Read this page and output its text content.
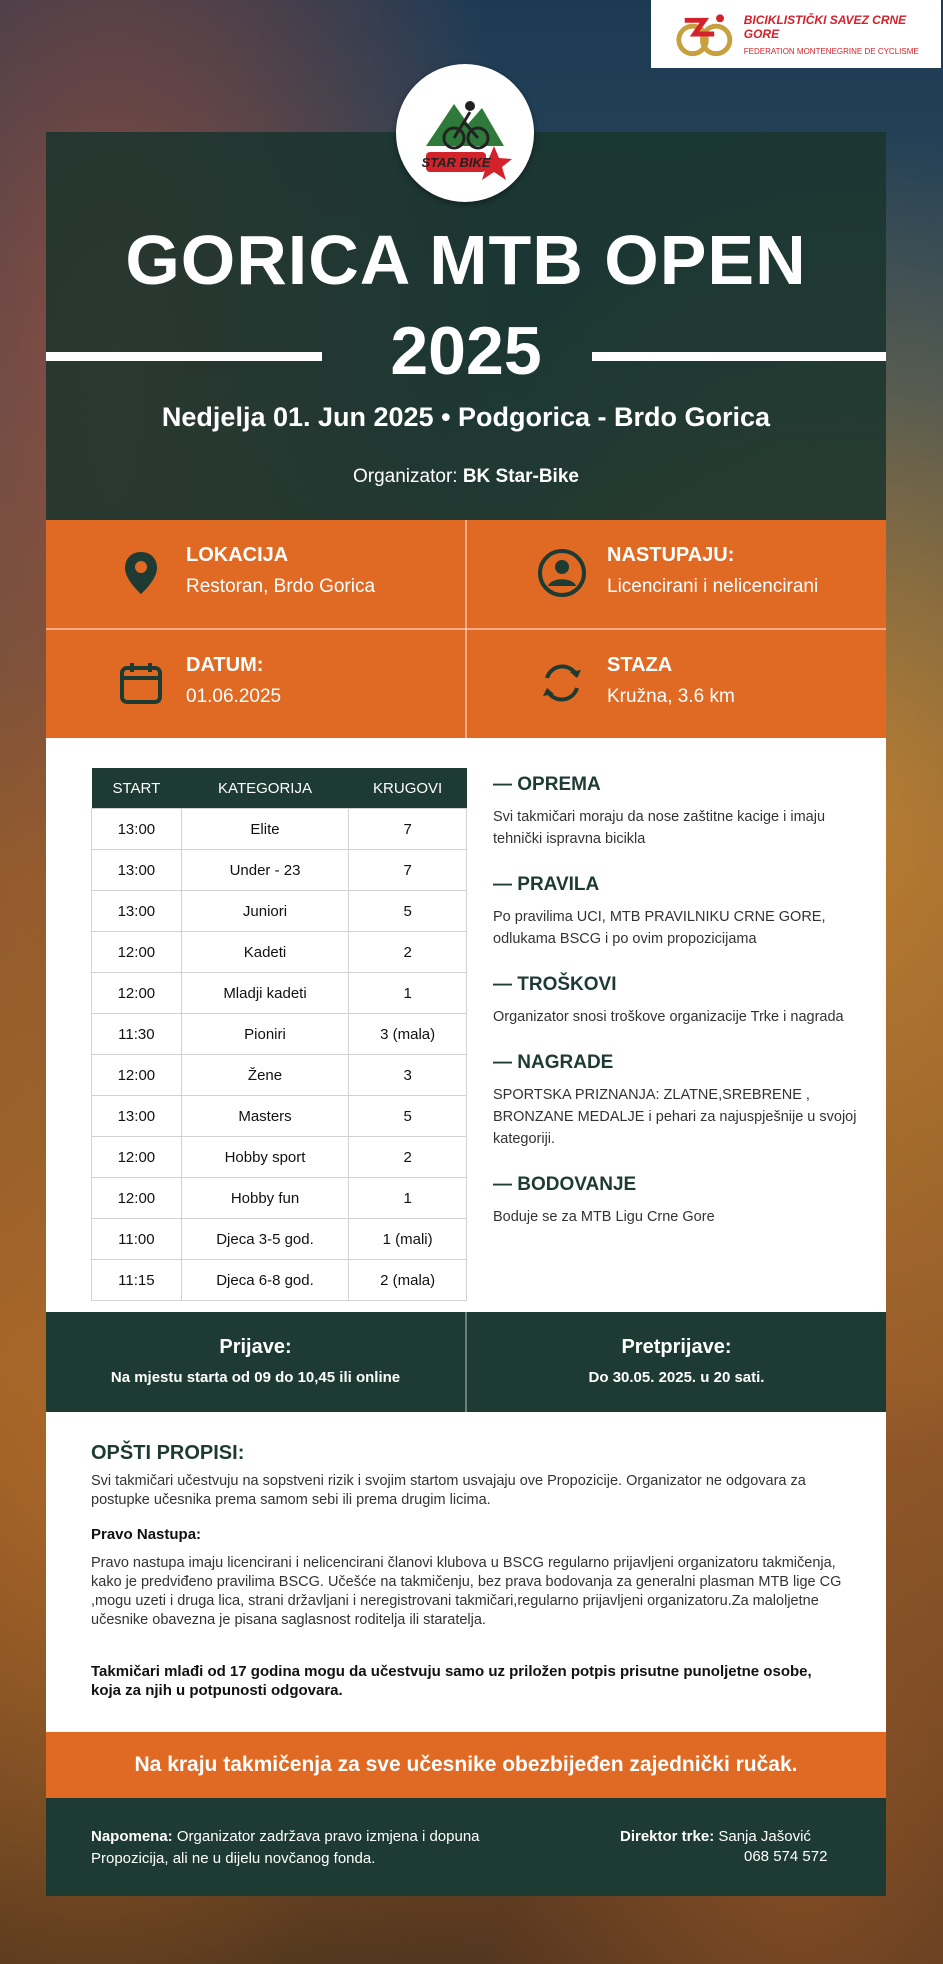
BICIKLISTIČKI SAVEZ CRNE GORE
FEDERATION MONTENEGRINE DE CYCLISME
GORICA MTB OPEN
2025
Nedjelja 01. Jun 2025 • Podgorica - Brdo Gorica
Organizator: BK Star-Bike
STAR BIKE
LOKACIJA
Restoran, Brdo Gorica
NASTUPAJU:
Licencirani i nelicencirani
DATUM:
01.06.2025
STAZA
Kružna, 3.6 km
START	KATEGORIJA	KRUGOVI
13:00	Elite	7
13:00	Under - 23	7
13:00	Juniori	5
12:00	Kadeti	2
12:00	Mladji kadeti	1
11:30	Pioniri	3 (mala)
12:00	Žene	3
13:00	Masters	5
12:00	Hobby sport	2
12:00	Hobby fun	1
11:00	Djeca 3-5 god.	1 (mali)
11:15	Djeca 6-8 god.	2 (mala)
— OPREMA

Svi takmičari moraju da nose zaštitne kacige i imaju tehnički ispravna bicikla

— PRAVILA

Po pravilima UCI, MTB PRAVILNIKU CRNE GORE, odlukama BSCG i po ovim propozicijama

— TROŠKOVI

Organizator snosi troškove organizacije Trke i nagrada

— NAGRADE

SPORTSKA PRIZNANJA: ZLATNE,SREBRENE , BRONZANE MEDALJE i pehari za najuspješnije u svojoj kategoriji.

— BODOVANJE

Boduje se za MTB Ligu Crne Gore

Prijave:
Na mjestu starta od 09 do 10,45 ili online
Pretprijave:
Do 30.05. 2025. u 20 sati.
OPŠTI PROPISI:
Svi takmičari učestvuju na sopstveni rizik i svojim startom usvajaju ove Propozicije. Organizator ne odgovara za postupke učesnika prema samom sebi ili prema drugim licima.
Pravo Nastupa:
Pravo nastupa imaju licencirani i nelicencirani članovi klubova u BSCG regularno prijavljeni organizatoru takmičenja, kako je predviđeno pravilima BSCG. Učešće na takmičenju, bez prava bodovanja za generalni plasman MTB lige CG ,mogu uzeti i druga lica, strani državljani i neregistrovani takmičari,regularno prijavljeni organizatoru.Za maloljetne učesnike obavezna je pisana saglasnost roditelja ili staratelja.
Takmičari mlađi od 17 godina mogu da učestvuju samo uz priložen potpis prisutne punoljetne osobe, koja za njih u potpunosti odgovara.
Na kraju takmičenja za sve učesnike obezbijeđen zajednički ručak.
Napomena: Organizator zadržava pravo izmjena i dopuna Propozicija, ali ne u dijelu novčanog fonda.
Direktor trke: Sanja Jašović
068 574 572
